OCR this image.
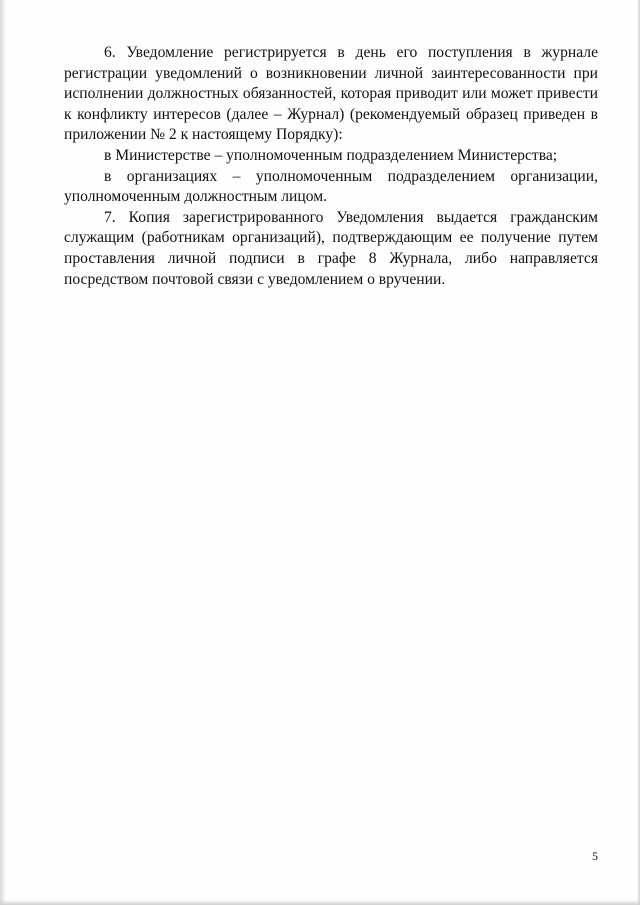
6. Уведомление регистрируется в день его поступления в журнале регистрации уведомлений о возникновении личной заинтересованности при исполнении должностных обязанностей, которая приводит или может привести к конфликту интересов (далее – Журнал) (рекомендуемый образец приведен в приложении № 2 к настоящему Порядку):

в Министерстве – уполномоченным подразделением Министерства;

в организациях – уполномоченным подразделением организации, уполномоченным должностным лицом.

7. Копия зарегистрированного Уведомления выдается гражданским служащим (работникам организаций), подтверждающим ее получение путем проставления личной подписи в графе 8 Журнала, либо направляется посредством почтовой связи с уведомлением о вручении.

5
